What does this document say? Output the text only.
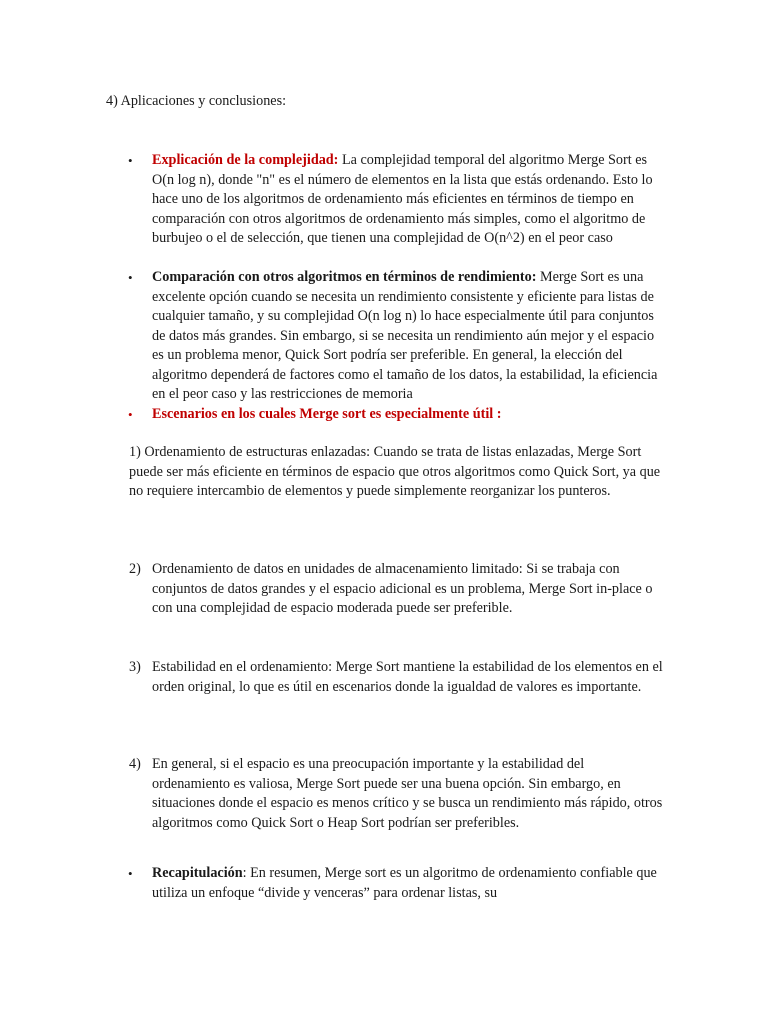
4) Aplicaciones y conclusiones:
• Explicación de la complejidad: La complejidad temporal del algoritmo Merge Sort es O(n log n), donde "n" es el número de elementos en la lista que estás ordenando. Esto lo hace uno de los algoritmos de ordenamiento más eficientes en términos de tiempo en comparación con otros algoritmos de ordenamiento más simples, como el algoritmo de burbujeo o el de selección, que tienen una complejidad de O(n^2) en el peor caso
• Comparación con otros algoritmos en términos de rendimiento: Merge Sort es una excelente opción cuando se necesita un rendimiento consistente y eficiente para listas de cualquier tamaño, y su complejidad O(n log n) lo hace especialmente útil para conjuntos de datos más grandes. Sin embargo, si se necesita un rendimiento aún mejor y el espacio es un problema menor, Quick Sort podría ser preferible. En general, la elección del algoritmo dependerá de factores como el tamaño de los datos, la estabilidad, la eficiencia en el peor caso y las restricciones de memoria
• Escenarios en los cuales Merge sort es especialmente útil :
1) Ordenamiento de estructuras enlazadas: Cuando se trata de listas enlazadas, Merge Sort puede ser más eficiente en términos de espacio que otros algoritmos como Quick Sort, ya que no requiere intercambio de elementos y puede simplemente reorganizar los punteros.
2) Ordenamiento de datos en unidades de almacenamiento limitado: Si se trabaja con conjuntos de datos grandes y el espacio adicional es un problema, Merge Sort in-place o con una complejidad de espacio moderada puede ser preferible.
3) Estabilidad en el ordenamiento: Merge Sort mantiene la estabilidad de los elementos en el orden original, lo que es útil en escenarios donde la igualdad de valores es importante.
4) En general, si el espacio es una preocupación importante y la estabilidad del ordenamiento es valiosa, Merge Sort puede ser una buena opción. Sin embargo, en situaciones donde el espacio es menos crítico y se busca un rendimiento más rápido, otros algoritmos como Quick Sort o Heap Sort podrían ser preferibles.
• Recapitulación: En resumen, Merge sort es un algoritmo de ordenamiento confiable que utiliza un enfoque “divide y venceras” para ordenar listas, su
